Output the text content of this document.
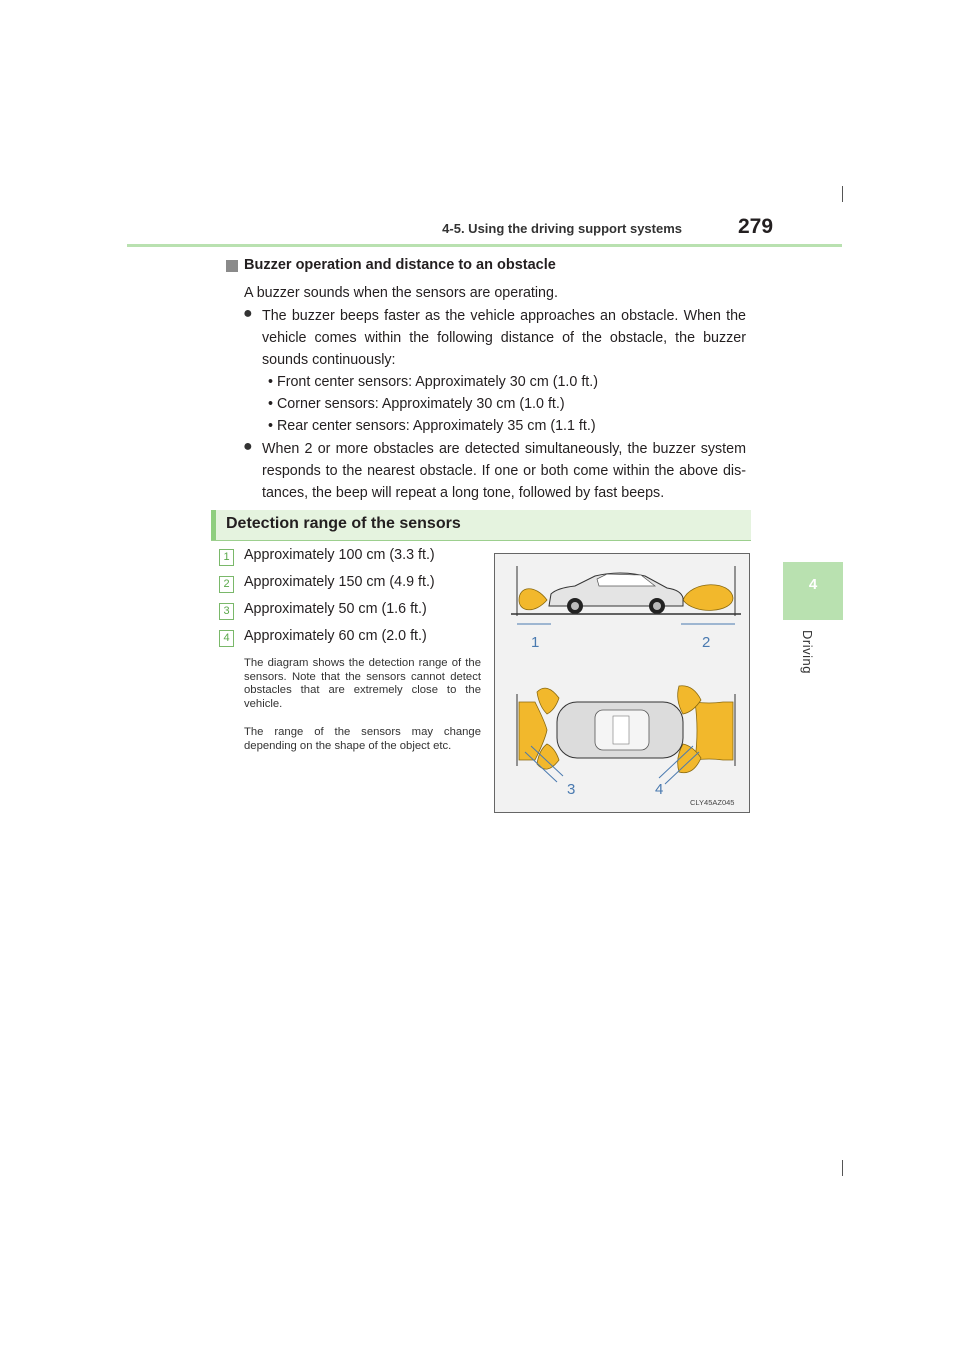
4-5. Using the driving support systems	279
4
Driving
Buzzer operation and distance to an obstacle
A buzzer sounds when the sensors are operating.
● The buzzer beeps faster as the vehicle approaches an obstacle. When the vehicle comes within the following distance of the obstacle, the buzzer sounds continuously:
• Front center sensors: Approximately 30 cm (1.0 ft.)
• Corner sensors: Approximately 30 cm (1.0 ft.)
• Rear center sensors: Approximately 35 cm (1.1 ft.)
● When 2 or more obstacles are detected simultaneously, the buzzer system responds to the nearest obstacle. If one or both come within the above dis- tances, the beep will repeat a long tone, followed by fast beeps.
Detection range of the sensors
1	Approximately 100 cm (3.3 ft.)
2	Approximately 150 cm (4.9 ft.)
3	Approximately 50 cm (1.6 ft.)
4	Approximately 60 cm (2.0 ft.)
The diagram shows the detection range of the sensors. Note that the sensors cannot detect obstacles that are extremely close to the vehicle.
The range of the sensors may change depending on the shape of the object etc.
1	2
3	4
CLY45AZ045
